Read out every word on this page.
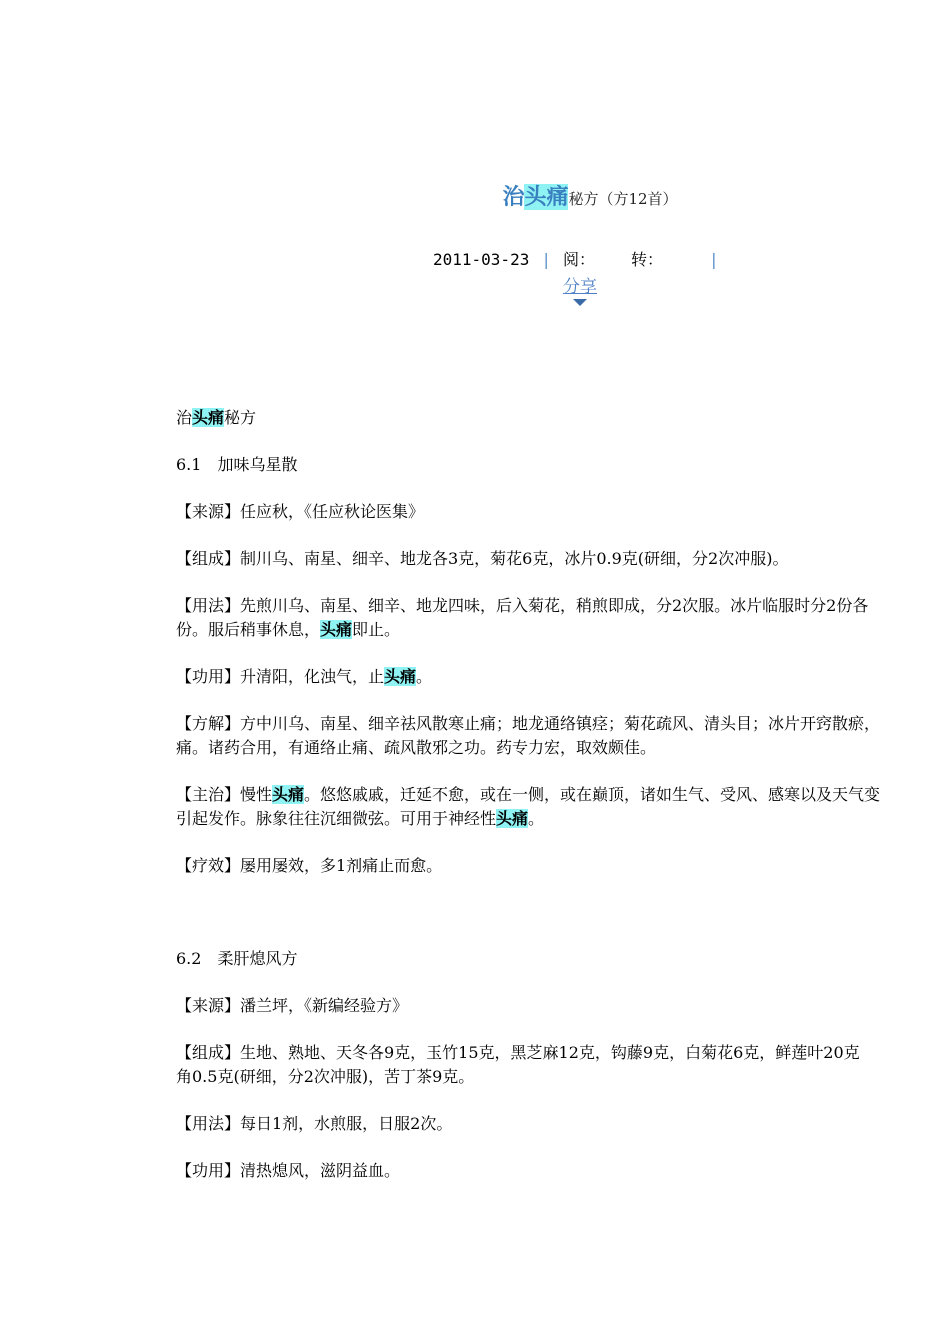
治头痛秘方（方12首）
2011-03-23 | 阅： 转：	|
分享

治头痛秘方

6.1　加味乌星散

【来源】任应秋，《任应秋论医集》

【组成】制川乌、南星、细辛、地龙各3克，菊花6克，冰片0.9克(研细，分2次冲服)。

【用法】先煎川乌、南星、细辛、地龙四味，后入菊花，稍煎即成，分2次服。冰片临服时分2份各
份。服后稍事休息，头痛即止。

【功用】升清阳，化浊气，止头痛。

【方解】方中川乌、南星、细辛祛风散寒止痛；地龙通络镇痉；菊花疏风、清头目；冰片开窍散瘀，
痛。诸药合用，有通络止痛、疏风散邪之功。药专力宏，取效颇佳。

【主治】慢性头痛。悠悠戚戚，迁延不愈，或在一侧，或在巅顶，诸如生气、受风、感寒以及天气变
引起发作。脉象往往沉细微弦。可用于神经性头痛。

【疗效】屡用屡效，多1剂痛止而愈。

6.2　柔肝熄风方

【来源】潘兰坪，《新编经验方》

【组成】生地、熟地、天冬各9克，玉竹15克，黑芝麻12克，钩藤9克，白菊花6克，鲜莲叶20克
角0.5克(研细，分2次冲服)，苦丁茶9克。

【用法】每日1剂，水煎服，日服2次。

【功用】清热熄风，滋阴益血。
